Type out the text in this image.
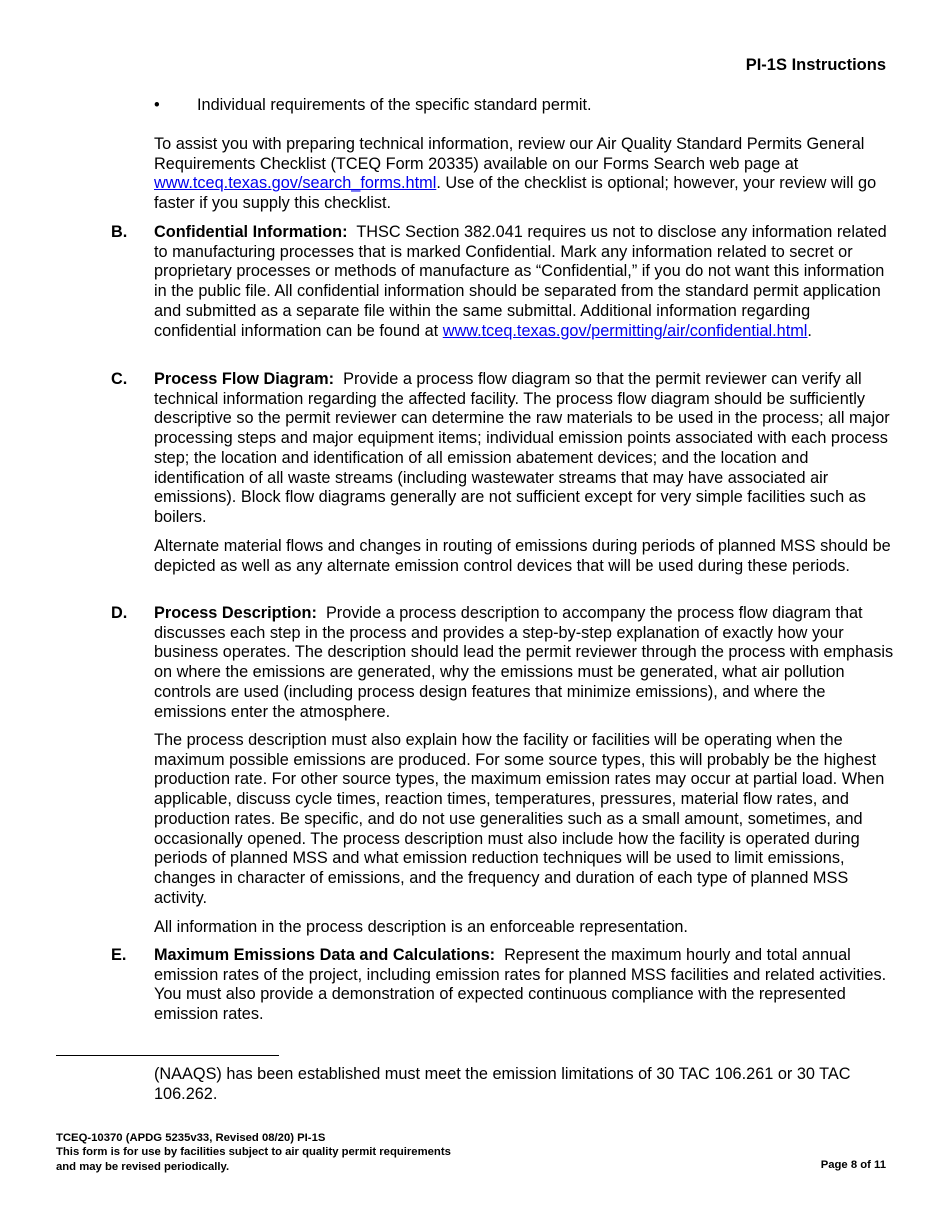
PI-1S Instructions
• Individual requirements of the specific standard permit.
To assist you with preparing technical information, review our Air Quality Standard Permits General Requirements Checklist (TCEQ Form 20335) available on our Forms Search web page at www.tceq.texas.gov/search_forms.html. Use of the checklist is optional; however, your review will go faster if you supply this checklist.
B. Confidential Information: THSC Section 382.041 requires us not to disclose any information related to manufacturing processes that is marked Confidential. Mark any information related to secret or proprietary processes or methods of manufacture as “Confidential,” if you do not want this information in the public file. All confidential information should be separated from the standard permit application and submitted as a separate file within the same submittal. Additional information regarding confidential information can be found at www.tceq.texas.gov/permitting/air/confidential.html.
C. Process Flow Diagram: Provide a process flow diagram so that the permit reviewer can verify all technical information regarding the affected facility. The process flow diagram should be sufficiently descriptive so the permit reviewer can determine the raw materials to be used in the process; all major processing steps and major equipment items; individual emission points associated with each process step; the location and identification of all emission abatement devices; and the location and identification of all waste streams (including wastewater streams that may have associated air emissions). Block flow diagrams generally are not sufficient except for very simple facilities such as boilers.
Alternate material flows and changes in routing of emissions during periods of planned MSS should be depicted as well as any alternate emission control devices that will be used during these periods.
D. Process Description: Provide a process description to accompany the process flow diagram that discusses each step in the process and provides a step-by-step explanation of exactly how your business operates. The description should lead the permit reviewer through the process with emphasis on where the emissions are generated, why the emissions must be generated, what air pollution controls are used (including process design features that minimize emissions), and where the emissions enter the atmosphere.
The process description must also explain how the facility or facilities will be operating when the maximum possible emissions are produced. For some source types, this will probably be the highest production rate. For other source types, the maximum emission rates may occur at partial load. When applicable, discuss cycle times, reaction times, temperatures, pressures, material flow rates, and production rates. Be specific, and do not use generalities such as a small amount, sometimes, and occasionally opened. The process description must also include how the facility is operated during periods of planned MSS and what emission reduction techniques will be used to limit emissions, changes in character of emissions, and the frequency and duration of each type of planned MSS activity.
All information in the process description is an enforceable representation.
E. Maximum Emissions Data and Calculations: Represent the maximum hourly and total annual emission rates of the project, including emission rates for planned MSS facilities and related activities. You must also provide a demonstration of expected continuous compliance with the represented emission rates.
(NAAQS) has been established must meet the emission limitations of 30 TAC 106.261 or 30 TAC 106.262.
TCEQ-10370 (APDG 5235v33, Revised 08/20) PI-1S
This form is for use by facilities subject to air quality permit requirements
and may be revised periodically.	Page 8 of 11
